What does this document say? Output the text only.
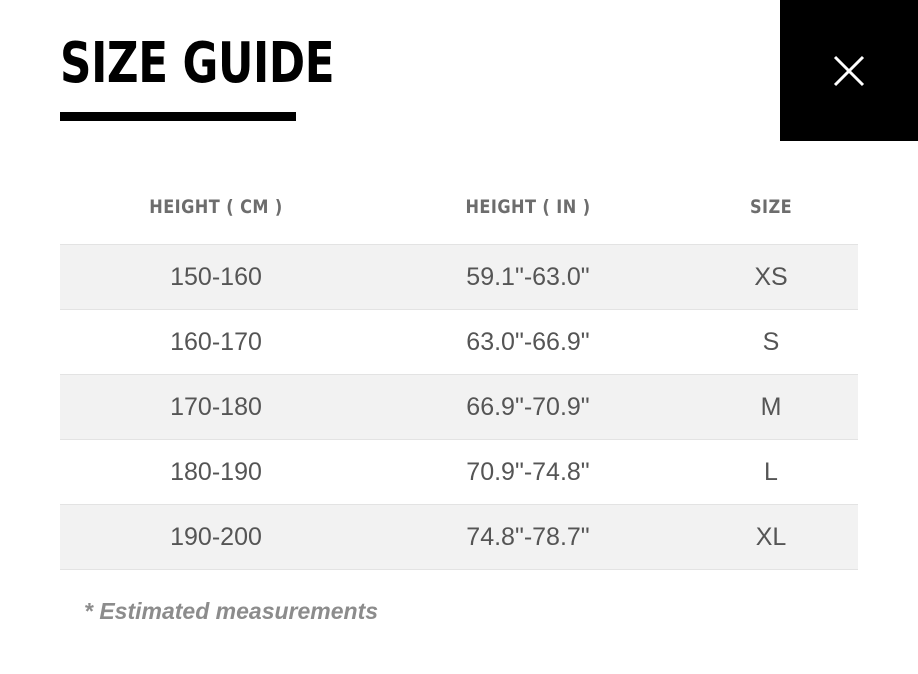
SIZE GUIDE
HEIGHT ( CM )	HEIGHT ( IN )	SIZE
150-160	59.1"-63.0"	XS
160-170	63.0"-66.9"	S
170-180	66.9"-70.9"	M
180-190	70.9"-74.8"	L
190-200	74.8"-78.7"	XL
* Estimated measurements
